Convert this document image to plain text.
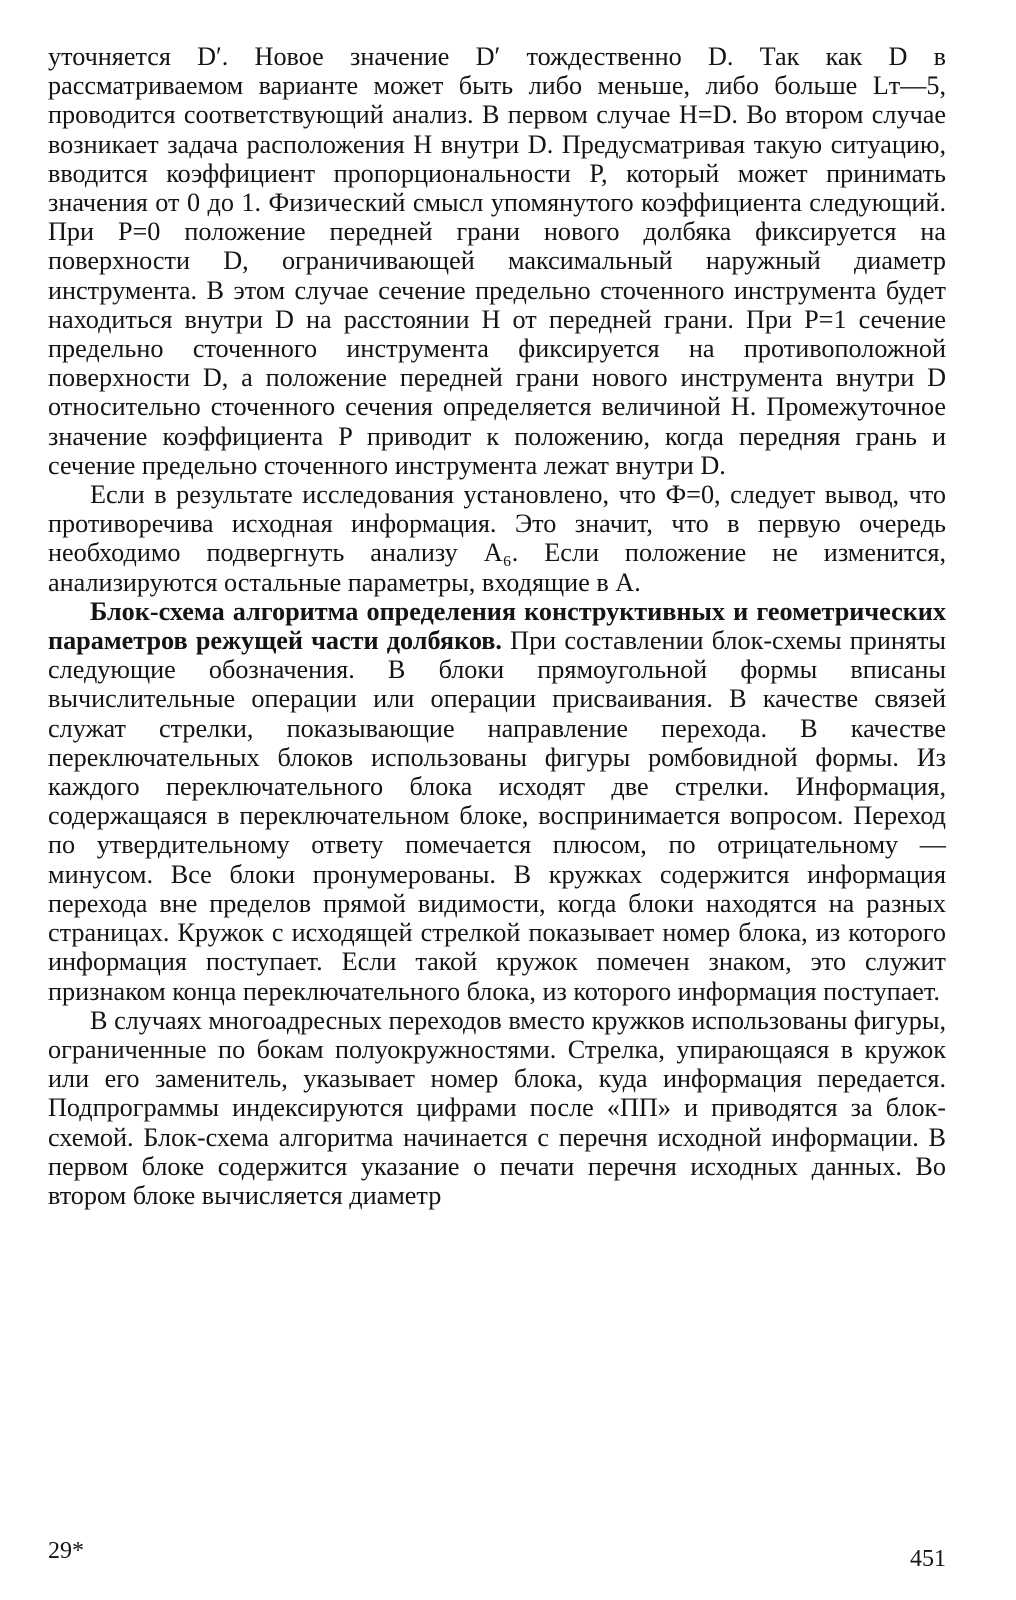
уточняется D′. Новое значение D′ тождественно D. Так как D в рассматриваемом варианте может быть либо меньше, либо больше Lт—5, проводится соответствующий анализ. В первом случае H=D. Во втором случае возникает задача расположения H внутри D. Предусматривая такую ситуацию, вводится коэффициент пропорциональности P, который может принимать значения от 0 до 1. Физический смысл упомянутого коэффициента следующий. При P=0 положение передней грани нового долбяка фиксируется на поверхности D, ограничивающей максимальный наружный диаметр инструмента. В этом случае сечение предельно сточенного инструмента будет находиться внутри D на расстоянии H от передней грани. При P=1 сечение предельно сточенного инструмента фиксируется на противоположной поверхности D, а положение передней грани нового инструмента внутри D относительно сточенного сечения определяется величиной H. Промежуточное значение коэффициента P приводит к положению, когда передняя грань и сечение предельно сточенного инструмента лежат внутри D.

Если в результате исследования установлено, что Ф=0, следует вывод, что противоречива исходная информация. Это значит, что в первую очередь необходимо подвергнуть анализу A₆. Если положение не изменится, анализируются остальные параметры, входящие в A.

Блок-схема алгоритма определения конструктивных и геометрических параметров режущей части долбяков. При составлении блок-схемы приняты следующие обозначения. В блоки прямоугольной формы вписаны вычислительные операции или операции присваивания. В качестве связей служат стрелки, показывающие направление перехода. В качестве переключательных блоков использованы фигуры ромбовидной формы. Из каждого переключательного блока исходят две стрелки. Информация, содержащаяся в переключательном блоке, воспринимается вопросом. Переход по утвердительному ответу помечается плюсом, по отрицательному — минусом. Все блоки пронумерованы. В кружках содержится информация перехода вне пределов прямой видимости, когда блоки находятся на разных страницах. Кружок с исходящей стрелкой показывает номер блока, из которого информация поступает. Если такой кружок помечен знаком, это служит признаком конца переключательного блока, из которого информация поступает.

В случаях многоадресных переходов вместо кружков использованы фигуры, ограниченные по бокам полуокружностями. Стрелка, упирающаяся в кружок или его заменитель, указывает номер блока, куда информация передается. Подпрограммы индексируются цифрами после «ПП» и приводятся за блок-схемой. Блок-схема алгоритма начинается с перечня исходной информации. В первом блоке содержится указание о печати перечня исходных данных. Во втором блоке вычисляется диаметр

29*	451
